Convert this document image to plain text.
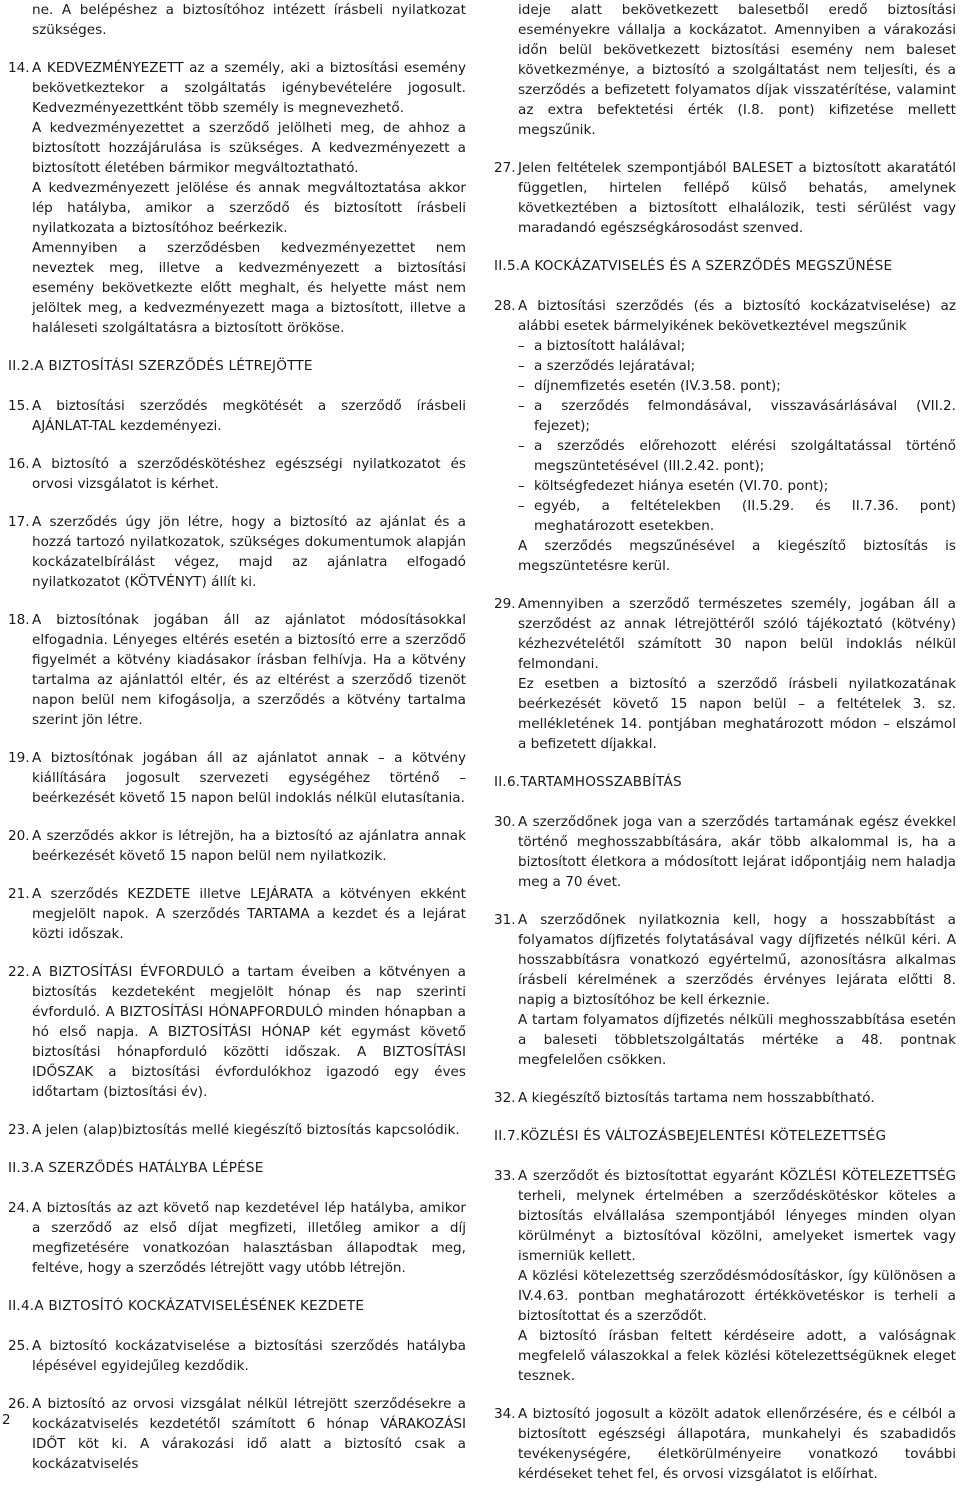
ne. A belépéshez a biztosítóhoz intézett írásbeli nyilatkozat szükséges.
14. A KEDVEZMÉNYEZETT az a személy, aki a biztosítási esemény bekövetkeztekor a szolgáltatás igénybevételére jogosult. Kedvezményezettként több személy is megnevezhető.

A kedvezményezettet a szerződő jelölheti meg, de ahhoz a biztosított hozzájárulása is szükséges. A kedvezményezett a biztosított életében bármikor megváltoztatható.

A kedvezményezett jelölése és annak megváltoztatása akkor lép hatályba, amikor a szerződő és biztosított írásbeli nyilatkozata a biztosítóhoz beérkezik.

Amennyiben a szerződésben kedvezményezettet nem neveztek meg, illetve a kedvezményezett a biztosítási esemény bekövetkezte előtt meghalt, és helyette mást nem jelöltek meg, a kedvezményezett maga a biztosított, illetve a haláleseti szolgáltatásra a biztosított örököse.

II.2. A BIZTOSÍTÁSI SZERZŐDÉS LÉTREJÖTTE
15. A biztosítási szerződés megkötését a szerződő írásbeli AJÁNLAT-TAL kezdeményezi.
16. A biztosító a szerződéskötéshez egészségi nyilatkozatot és orvosi vizsgálatot is kérhet.
17. A szerződés úgy jön létre, hogy a biztosító az ajánlat és a hozzá tartozó nyilatkozatok, szükséges dokumentumok alapján kockázatelbírálást végez, majd az ajánlatra elfogadó nyilatkozatot (KÖTVÉNYT) állít ki.
18. A biztosítónak jogában áll az ajánlatot módosításokkal elfogadnia. Lényeges eltérés esetén a biztosító erre a szerződő figyelmét a kötvény kiadásakor írásban felhívja. Ha a kötvény tartalma az ajánlattól eltér, és az eltérést a szerződő tizenöt napon belül nem kifogásolja, a szerződés a kötvény tartalma szerint jön létre.
19. A biztosítónak jogában áll az ajánlatot annak – a kötvény kiállítására jogosult szervezeti egységéhez történő – beérkezését követő 15 napon belül indoklás nélkül elutasítania.
20. A szerződés akkor is létrejön, ha a biztosító az ajánlatra annak beérkezését követő 15 napon belül nem nyilatkozik.
21. A szerződés KEZDETE illetve LEJÁRATA a kötvényen ekként megjelölt napok. A szerződés TARTAMA a kezdet és a lejárat közti időszak.
22. A BIZTOSÍTÁSI ÉVFORDULÓ a tartam éveiben a kötvényen a biztosítás kezdeteként megjelölt hónap és nap szerinti évforduló. A BIZTOSÍTÁSI HÓNAPFORDULÓ minden hónapban a hó első napja. A BIZTOSÍTÁSI HÓNAP két egymást követő biztosítási hónapforduló közötti időszak. A BIZTOSÍTÁSI IDŐSZAK a biztosítási évfordulókhoz igazodó egy éves időtartam (biztosítási év).
23. A jelen (alap)biztosítás mellé kiegészítő biztosítás kapcsolódik.
II.3. A SZERZŐDÉS HATÁLYBA LÉPÉSE
24. A biztosítás az azt követő nap kezdetével lép hatályba, amikor a szerződő az első díjat megfizeti, illetőleg amikor a díj megfizetésére vonatkozóan halasztásban állapodtak meg, feltéve, hogy a szerződés létrejött vagy utóbb létrejön.
II.4. A BIZTOSÍTÓ KOCKÁZATVISELÉSÉNEK KEZDETE
25. A biztosító kockázatviselése a biztosítási szerződés hatályba lépésével egyidejűleg kezdődik.
26. A biztosító az orvosi vizsgálat nélkül létrejött szerződésekre a kockázatviselés kezdetétől számított 6 hónap VÁRAKOZÁSI IDŐT köt ki. A várakozási idő alatt a biztosító csak a kockázatviselés
ideje alatt bekövetkezett balesetből eredő biztosítási eseményekre vállalja a kockázatot. Amennyiben a várakozási időn belül bekövetkezett biztosítási esemény nem baleset következménye, a biztosító a szolgáltatást nem teljesíti, és a szerződés a befizetett folyamatos díjak visszatérítése, valamint az extra befektetési érték (I.8. pont) kifizetése mellett megszűnik.
27. Jelen feltételek szempontjából BALESET a biztosított akaratától független, hirtelen fellépő külső behatás, amelynek következtében a biztosított elhalálozik, testi sérülést vagy maradandó egészségkárosodást szenved.
II.5. A KOCKÁZATVISELÉS ÉS A SZERZŐDÉS MEGSZŰNÉSE
28. A biztosítási szerződés (és a biztosító kockázatviselése) az alábbi esetek bármelyikének bekövetkeztével megszűnik

– a biztosított halálával;
– a szerződés lejáratával;
– díjnemfizetés esetén (IV.3.58. pont);
– a szerződés felmondásával, visszavásárlásával (VII.2. fejezet);
– a szerződés előrehozott elérési szolgáltatással történő megszüntetésével (III.2.42. pont);
– költségfedezet hiánya esetén (VI.70. pont);
– egyéb, a feltételekben (II.5.29. és II.7.36. pont) meghatározott esetekben.

A szerződés megszűnésével a kiegészítő biztosítás is megszüntetésre kerül.

29. Amennyiben a szerződő természetes személy, jogában áll a szerződést az annak létrejöttéről szóló tájékoztató (kötvény) kézhezvételétől számított 30 napon belül indoklás nélkül felmondani.

Ez esetben a biztosító a szerződő írásbeli nyilatkozatának beérkezését követő 15 napon belül – a feltételek 3. sz. mellékletének 14. pontjában meghatározott módon – elszámol a befizetett díjakkal.

II.6. TARTAMHOSSZABBÍTÁS
30. A szerződőnek joga van a szerződés tartamának egész évekkel történő meghosszabbítására, akár több alkalommal is, ha a biztosított életkora a módosított lejárat időpontjáig nem haladja meg a 70 évet.
31. A szerződőnek nyilatkoznia kell, hogy a hosszabbítást a folyamatos díjfizetés folytatásával vagy díjfizetés nélkül kéri. A hosszabbításra vonatkozó egyértelmű, azonosításra alkalmas írásbeli kérelmének a szerződés érvényes lejárata előtti 8. napig a biztosítóhoz be kell érkeznie.

A tartam folyamatos díjfizetés nélküli meghosszabbítása esetén a baleseti többletszolgáltatás mértéke a 48. pontnak megfelelően csökken.

32. A kiegészítő biztosítás tartama nem hosszabbítható.
II.7. KÖZLÉSI ÉS VÁLTOZÁSBEJELENTÉSI KÖTELEZETTSÉG
33. A szerződőt és biztosítottat egyaránt KÖZLÉSI KÖTELEZETTSÉG terheli, melynek értelmében a szerződéskötéskor köteles a biztosítás elvállalása szempontjából lényeges minden olyan körülményt a biztosítóval közölni, amelyeket ismertek vagy ismerniük kellett.

A közlési kötelezettség szerződésmódosításkor, így különösen a IV.4.63. pontban meghatározott értékkövetéskor is terheli a biztosítottat és a szerződőt.

A biztosító írásban feltett kérdéseire adott, a valóságnak megfelelő válaszokkal a felek közlési kötelezettségüknek eleget tesznek.

34. A biztosító jogosult a közölt adatok ellenőrzésére, és e célból a biztosított egészségi állapotára, munkahelyi és szabadidős tevékenységére, életkörülményeire vonatkozó további kérdéseket tehet fel, és orvosi vizsgálatot is előírhat.
2
